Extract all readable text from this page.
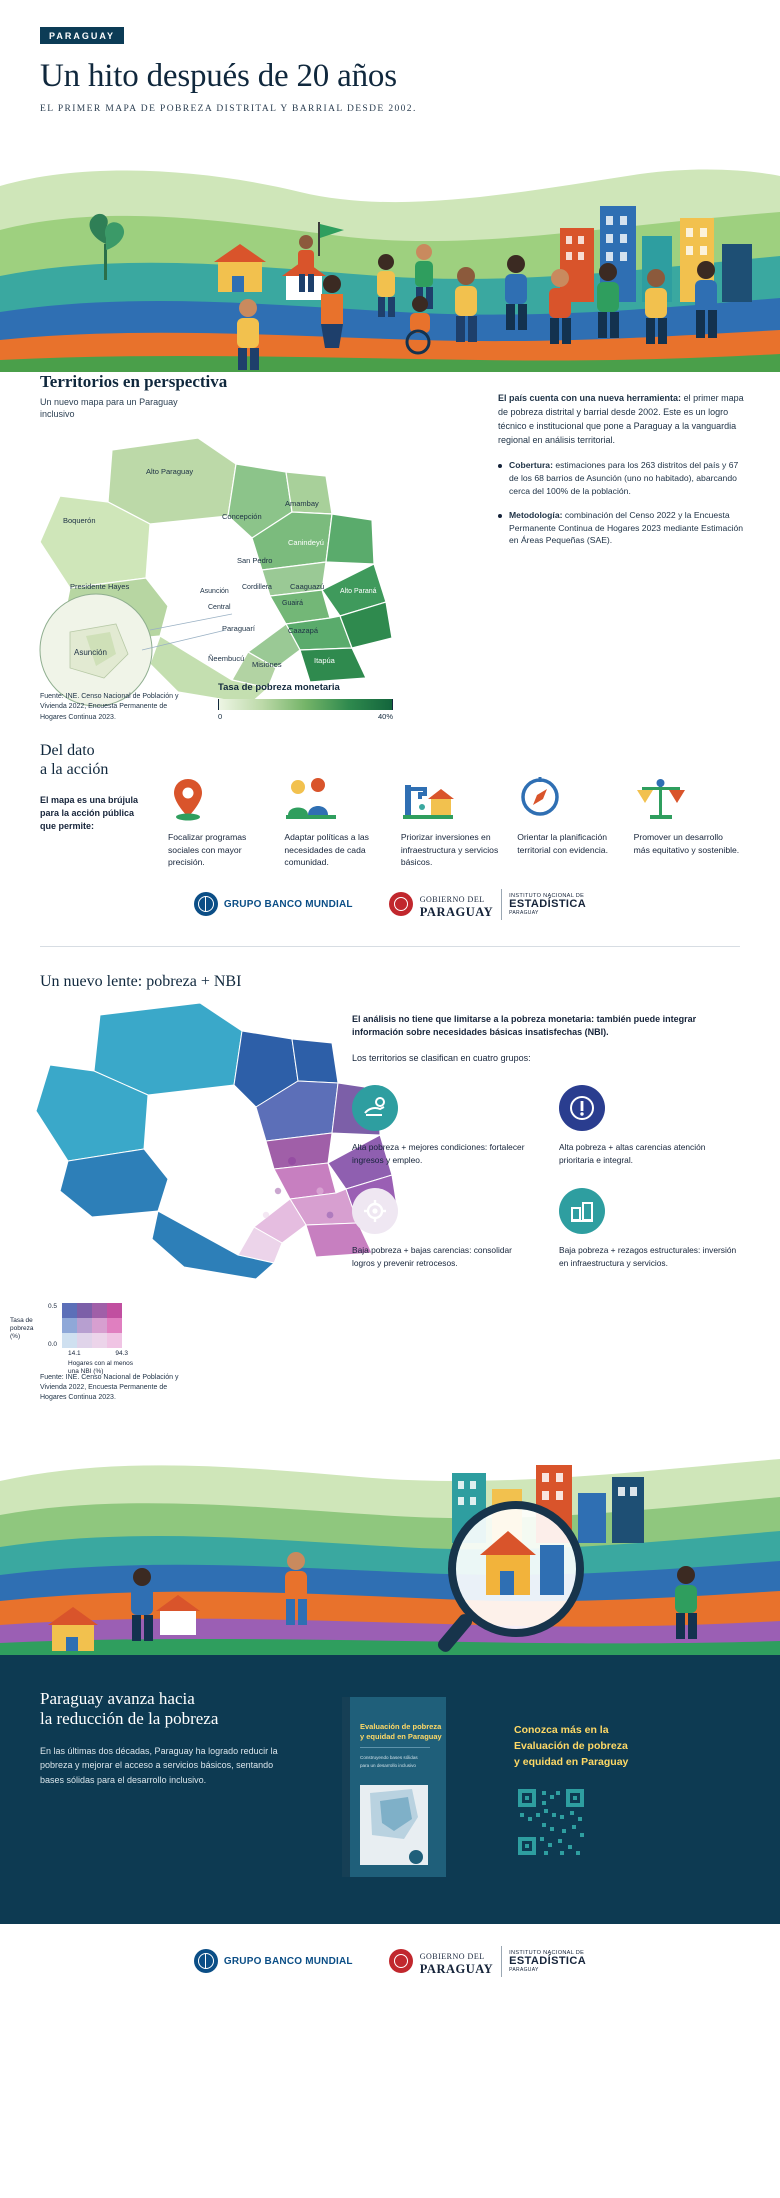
PARAGUAY
Un hito después de 20 años
EL PRIMER MAPA DE POBREZA DISTRITAL Y BARRIAL DESDE 2002.
Territorios en perspectiva
Un nuevo mapa para un Paraguay inclusivo
Alto Paraguay
Boquerón
Presidente Hayes
Concepción
Amambay
San Pedro
Canindeyú
Asunción
Cordillera Caaguazú
Central
Alto Paraná
Guairá
Paraguarí	Caazapá
Ñeembucú
Misiones	Itapúa
Asunción
Fuente: INE. Censo Nacional de Población y Vivienda 2022, Encuesta Permanente de Hogares Continua 2023.
Tasa de pobreza monetaria
0	40%

El país cuenta con una nueva herramienta: el primer mapa de pobreza distrital y barrial desde 2002. Este es un logro técnico e institucional que pone a Paraguay a la vanguardia regional en análisis territorial.

Cobertura: estimaciones para los 263 distritos del país y 67 de los 68 barrios de Asunción (uno no habitado), abarcando cerca del 100% de la población.

Metodología: combinación del Censo 2022 y la Encuesta Permanente Continua de Hogares 2023 mediante Estimación en Áreas Pequeñas (SAE).

Del dato
a la acción
El mapa es una brújula para la acción pública que permite:

Focalizar programas sociales con mayor precisión.

Adaptar políticas a las necesidades de cada comunidad.

Priorizar inversiones en infraestructura y servicios básicos.

Orientar la planificación territorial con evidencia.

Promover un desarrollo más equitativo y sostenible.

GRUPO BANCO MUNDIAL	GOBIERNO DEL
PARAGUAY
INSTITUTO NACIONAL DE
ESTADÍSTICA
PARAGUAY
Un nuevo lente: pobreza + NBI
0.5
0.0
14.1	94.3
Hogares con al menos una NBI (%)
Tasa de pobreza (%)
Fuente: INE. Censo Nacional de Población y Vivienda 2022, Encuesta Permanente de Hogares Continua 2023.
El análisis no tiene que limitarse a la pobreza monetaria: también puede integrar información sobre necesidades básicas insatisfechas (NBI).
Los territorios se clasifican en cuatro grupos:

Alta pobreza + mejores condiciones: fortalecer ingresos y empleo.

Alta pobreza + altas carencias atención prioritaria e integral.

Baja pobreza + bajas carencias: consolidar logros y prevenir retrocesos.

Baja pobreza + rezagos estructurales: inversión en infraestructura y servicios.

Paraguay avanza hacia
la reducción de la pobreza

En las últimas dos décadas, Paraguay ha logrado reducir la pobreza y mejorar el acceso a servicios básicos, sentando bases sólidas para el desarrollo inclusivo.

Evaluación de pobreza
y equidad en Paraguay
Construyendo bases sólidas
para un desarrollo inclusivo
Conozca más en la
Evaluación de pobreza
y equidad en Paraguay
GRUPO BANCO MUNDIAL	GOBIERNO DEL
PARAGUAY
INSTITUTO NACIONAL DE
ESTADÍSTICA
PARAGUAY
